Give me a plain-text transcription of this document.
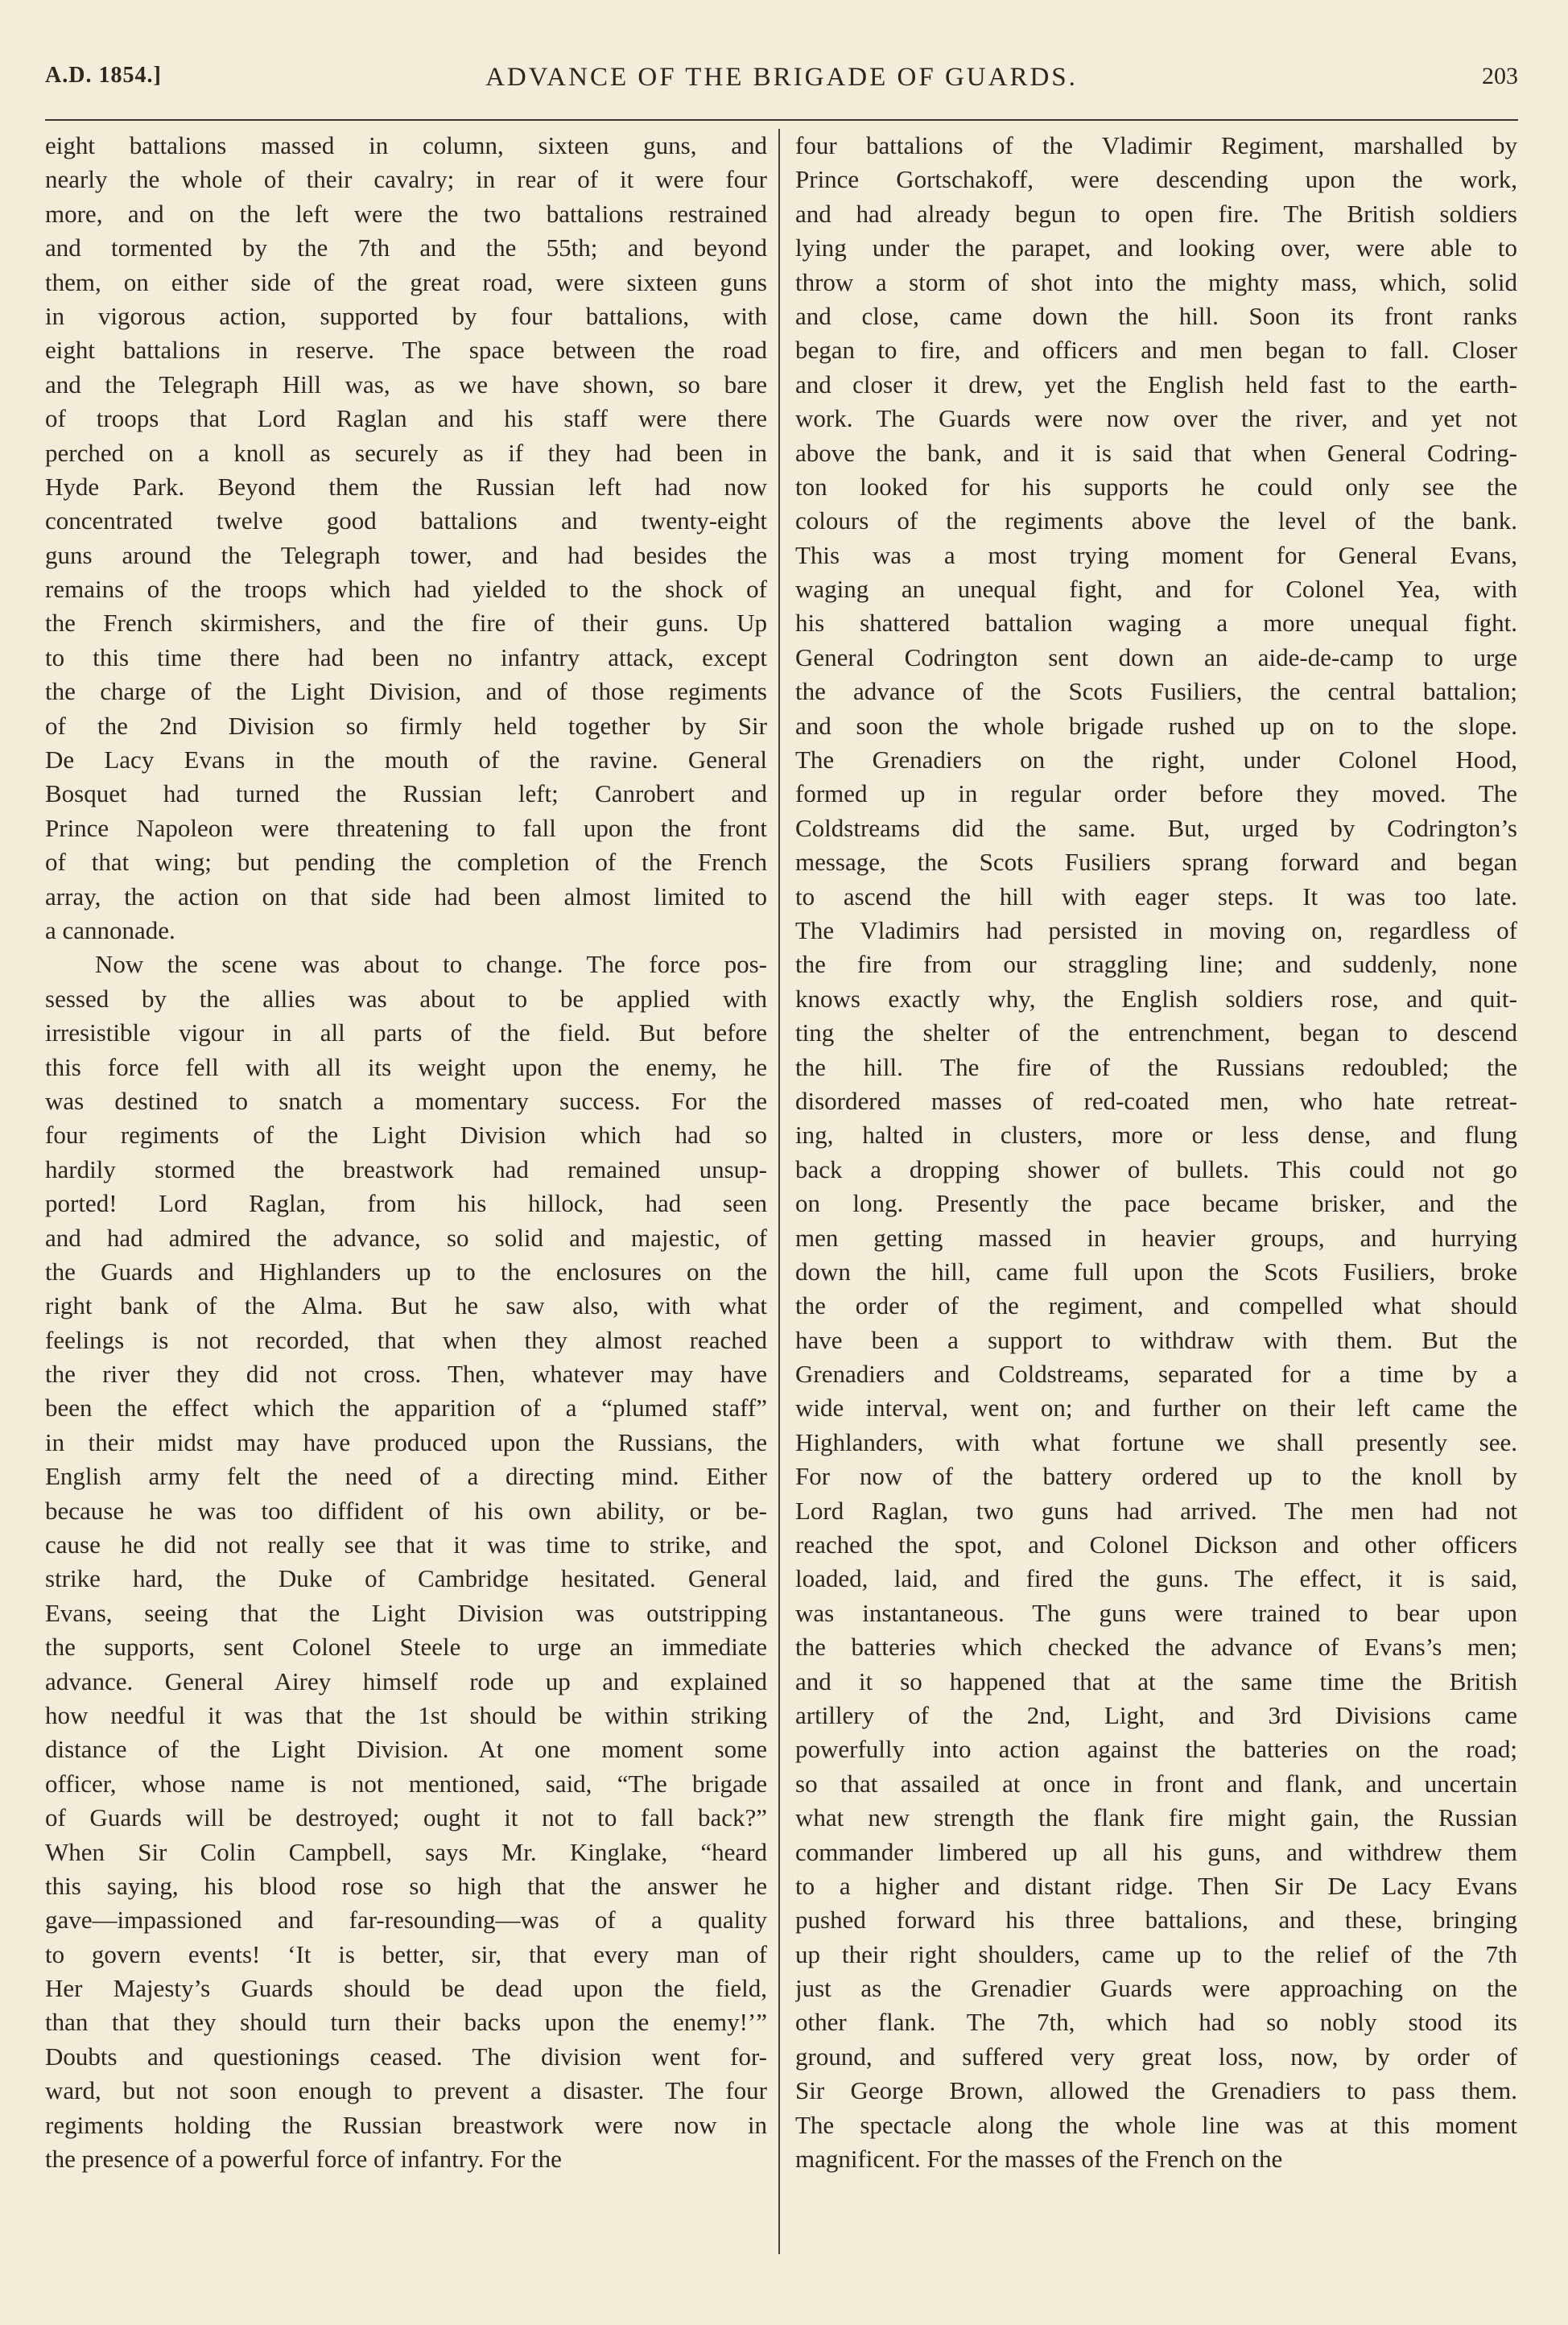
A.D. 1854.]	ADVANCE OF THE BRIGADE OF GUARDS.	203
eight battalions massed in column, sixteen guns, and
nearly the whole of their cavalry; in rear of it were four
more, and on the left were the two battalions restrained
and tormented by the 7th and the 55th; and beyond
them, on either side of the great road, were sixteen guns
in vigorous action, supported by four battalions, with
eight battalions in reserve. The space between the road
and the Telegraph Hill was, as we have shown, so bare
of troops that Lord Raglan and his staff were there
perched on a knoll as securely as if they had been in
Hyde Park. Beyond them the Russian left had now
concentrated twelve good battalions and twenty-eight
guns around the Telegraph tower, and had besides the
remains of the troops which had yielded to the shock of
the French skirmishers, and the fire of their guns. Up
to this time there had been no infantry attack, except
the charge of the Light Division, and of those regiments
of the 2nd Division so firmly held together by Sir
De Lacy Evans in the mouth of the ravine. General
Bosquet had turned the Russian left; Canrobert and
Prince Napoleon were threatening to fall upon the front
of that wing; but pending the completion of the French
array, the action on that side had been almost limited to
a cannonade.
Now the scene was about to change. The force pos-
sessed by the allies was about to be applied with
irresistible vigour in all parts of the field. But before
this force fell with all its weight upon the enemy, he
was destined to snatch a momentary success. For the
four regiments of the Light Division which had so
hardily stormed the breastwork had remained unsup-
ported! Lord Raglan, from his hillock, had seen
and had admired the advance, so solid and majestic, of
the Guards and Highlanders up to the enclosures on the
right bank of the Alma. But he saw also, with what
feelings is not recorded, that when they almost reached
the river they did not cross. Then, whatever may have
been the effect which the apparition of a “plumed staff”
in their midst may have produced upon the Russians, the
English army felt the need of a directing mind. Either
because he was too diffident of his own ability, or be-
cause he did not really see that it was time to strike, and
strike hard, the Duke of Cambridge hesitated. General
Evans, seeing that the Light Division was outstripping
the supports, sent Colonel Steele to urge an immediate
advance. General Airey himself rode up and explained
how needful it was that the 1st should be within striking
distance of the Light Division. At one moment some
officer, whose name is not mentioned, said, “The brigade
of Guards will be destroyed; ought it not to fall back?”
When Sir Colin Campbell, says Mr. Kinglake, “heard
this saying, his blood rose so high that the answer he
gave—impassioned and far-resounding—was of a quality
to govern events! ‘It is better, sir, that every man of
Her Majesty’s Guards should be dead upon the field,
than that they should turn their backs upon the enemy!’”
Doubts and questionings ceased. The division went for-
ward, but not soon enough to prevent a disaster. The four
regiments holding the Russian breastwork were now in
the presence of a powerful force of infantry. For the
four battalions of the Vladimir Regiment, marshalled by
Prince Gortschakoff, were descending upon the work,
and had already begun to open fire. The British soldiers
lying under the parapet, and looking over, were able to
throw a storm of shot into the mighty mass, which, solid
and close, came down the hill. Soon its front ranks
began to fire, and officers and men began to fall. Closer
and closer it drew, yet the English held fast to the earth-
work. The Guards were now over the river, and yet not
above the bank, and it is said that when General Codring-
ton looked for his supports he could only see the
colours of the regiments above the level of the bank.
This was a most trying moment for General Evans,
waging an unequal fight, and for Colonel Yea, with
his shattered battalion waging a more unequal fight.
General Codrington sent down an aide-de-camp to urge
the advance of the Scots Fusiliers, the central battalion;
and soon the whole brigade rushed up on to the slope.
The Grenadiers on the right, under Colonel Hood,
formed up in regular order before they moved. The
Coldstreams did the same. But, urged by Codrington’s
message, the Scots Fusiliers sprang forward and began
to ascend the hill with eager steps. It was too late.
The Vladimirs had persisted in moving on, regardless of
the fire from our straggling line; and suddenly, none
knows exactly why, the English soldiers rose, and quit-
ting the shelter of the entrenchment, began to descend
the hill. The fire of the Russians redoubled; the
disordered masses of red-coated men, who hate retreat-
ing, halted in clusters, more or less dense, and flung
back a dropping shower of bullets. This could not go
on long. Presently the pace became brisker, and the
men getting massed in heavier groups, and hurrying
down the hill, came full upon the Scots Fusiliers, broke
the order of the regiment, and compelled what should
have been a support to withdraw with them. But the
Grenadiers and Coldstreams, separated for a time by a
wide interval, went on; and further on their left came the
Highlanders, with what fortune we shall presently see.
For now of the battery ordered up to the knoll by
Lord Raglan, two guns had arrived. The men had not
reached the spot, and Colonel Dickson and other officers
loaded, laid, and fired the guns. The effect, it is said,
was instantaneous. The guns were trained to bear upon
the batteries which checked the advance of Evans’s men;
and it so happened that at the same time the British
artillery of the 2nd, Light, and 3rd Divisions came
powerfully into action against the batteries on the road;
so that assailed at once in front and flank, and uncertain
what new strength the flank fire might gain, the Russian
commander limbered up all his guns, and withdrew them
to a higher and distant ridge. Then Sir De Lacy Evans
pushed forward his three battalions, and these, bringing
up their right shoulders, came up to the relief of the 7th
just as the Grenadier Guards were approaching on the
other flank. The 7th, which had so nobly stood its
ground, and suffered very great loss, now, by order of
Sir George Brown, allowed the Grenadiers to pass them.
The spectacle along the whole line was at this moment
magnificent. For the masses of the French on the
